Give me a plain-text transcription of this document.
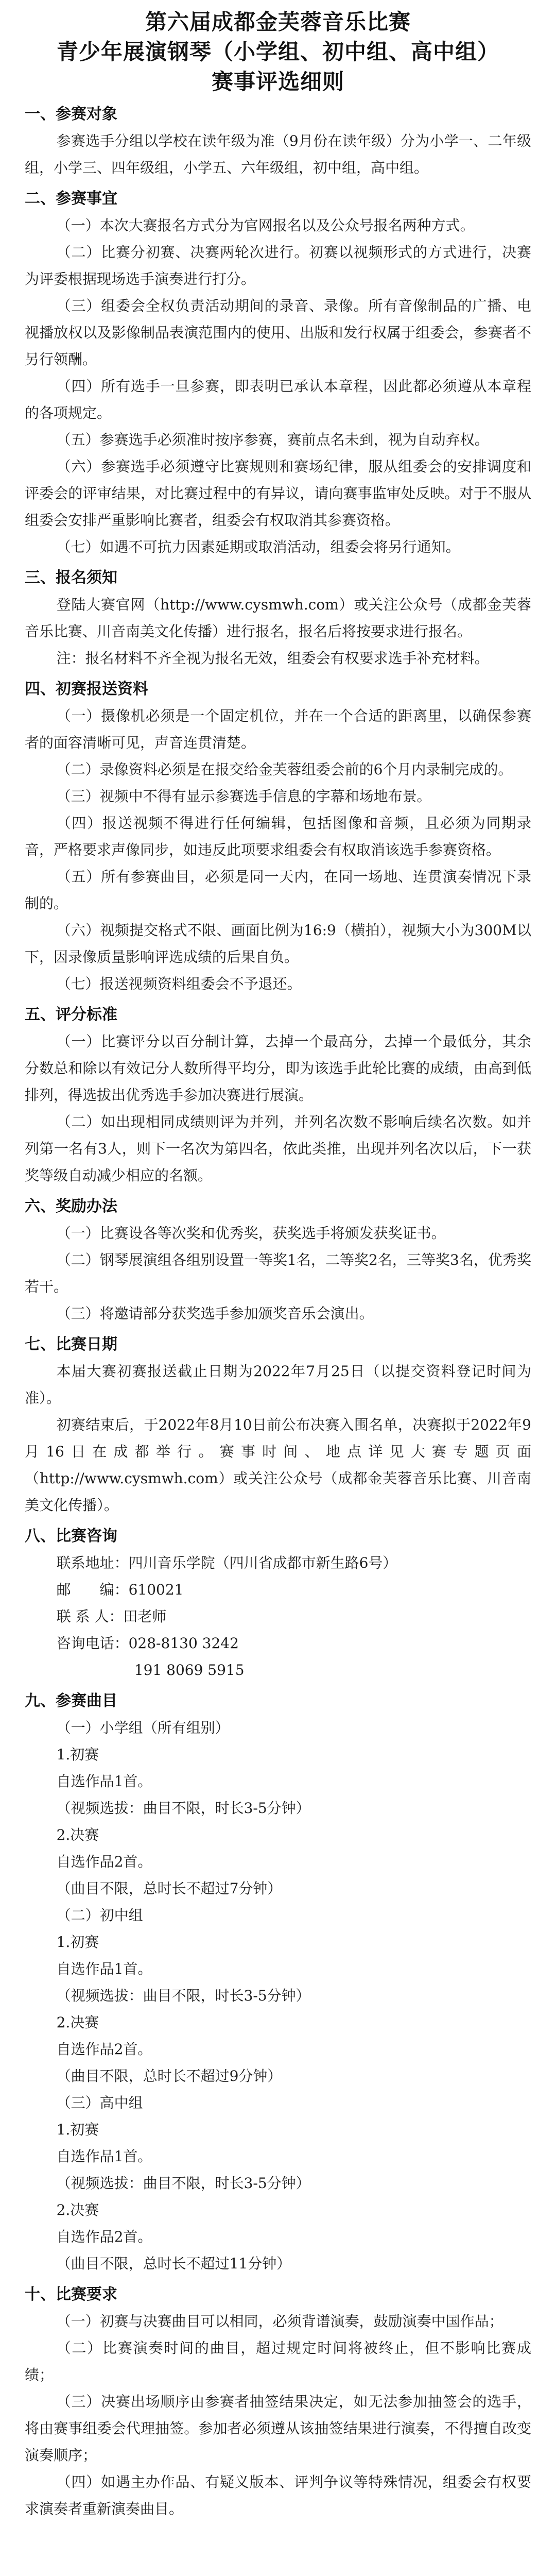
第六届成都金芙蓉音乐比赛
青少年展演钢琴（小学组、初中组、高中组）
赛事评选细则
一、参赛对象

参赛选手分组以学校在读年级为准（9月份在读年级）分为小学一、二年级组，小学三、四年级组，小学五、六年级组，初中组，高中组。

二、参赛事宜

（一）本次大赛报名方式分为官网报名以及公众号报名两种方式。

（二）比赛分初赛、决赛两轮次进行。初赛以视频形式的方式进行，决赛为评委根据现场选手演奏进行打分。

（三）组委会全权负责活动期间的录音、录像。所有音像制品的广播、电视播放权以及影像制品表演范围内的使用、出版和发行权属于组委会，参赛者不另行领酬。

（四）所有选手一旦参赛，即表明已承认本章程，因此都必须遵从本章程的各项规定。

（五）参赛选手必须准时按序参赛，赛前点名未到，视为自动弃权。

（六）参赛选手必须遵守比赛规则和赛场纪律，服从组委会的安排调度和评委会的评审结果，对比赛过程中的有异议，请向赛事监审处反映。对于不服从组委会安排严重影响比赛者，组委会有权取消其参赛资格。

（七）如遇不可抗力因素延期或取消活动，组委会将另行通知。

三、报名须知

登陆大赛官网（http://www.cysmwh.com）或关注公众号（成都金芙蓉音乐比赛、川音南美文化传播）进行报名，报名后将按要求进行报名。

注：报名材料不齐全视为报名无效，组委会有权要求选手补充材料。

四、初赛报送资料

（一）摄像机必须是一个固定机位，并在一个合适的距离里，以确保参赛者的面容清晰可见，声音连贯清楚。

（二）录像资料必须是在报交给金芙蓉组委会前的6个月内录制完成的。

（三）视频中不得有显示参赛选手信息的字幕和场地布景。

（四）报送视频不得进行任何编辑，包括图像和音频，且必须为同期录音，严格要求声像同步，如违反此项要求组委会有权取消该选手参赛资格。

（五）所有参赛曲目，必须是同一天内，在同一场地、连贯演奏情况下录制的。

（六）视频提交格式不限、画面比例为16:9（横拍），视频大小为300M以下，因录像质量影响评选成绩的后果自负。

（七）报送视频资料组委会不予退还。

五、评分标准

（一）比赛评分以百分制计算，去掉一个最高分，去掉一个最低分，其余分数总和除以有效记分人数所得平均分，即为该选手此轮比赛的成绩，由高到低排列，得选拔出优秀选手参加决赛进行展演。

（二）如出现相同成绩则评为并列，并列名次数不影响后续名次数。如并列第一名有3人，则下一名次为第四名，依此类推，出现并列名次以后，下一获奖等级自动减少相应的名额。

六、奖励办法

（一）比赛设各等次奖和优秀奖，获奖选手将颁发获奖证书。

（二）钢琴展演组各组别设置一等奖1名，二等奖2名，三等奖3名，优秀奖若干。

（三）将邀请部分获奖选手参加颁奖音乐会演出。

七、比赛日期

本届大赛初赛报送截止日期为2022年7月25日（以提交资料登记时间为准）。

初赛结束后，于2022年8月10日前公布决赛入围名单，决赛拟于2022年9月16日在成都举行。赛事时间、地点详见大赛专题页面（http://www.cysmwh.com）或关注公众号（成都金芙蓉音乐比赛、川音南美文化传播）。

八、比赛咨询

联系地址：四川音乐学院（四川省成都市新生路6号）

邮　　编：610021

联 系 人：田老师

咨询电话：028-8130 3242

191 8069 5915

九、参赛曲目

（一）小学组（所有组别）

1.初赛

自选作品1首。

（视频选拔：曲目不限，时长3-5分钟）

2.决赛

自选作品2首。

（曲目不限，总时长不超过7分钟）

（二）初中组

1.初赛

自选作品1首。

（视频选拔：曲目不限，时长3-5分钟）

2.决赛

自选作品2首。

（曲目不限，总时长不超过9分钟）

（三）高中组

1.初赛

自选作品1首。

（视频选拔：曲目不限，时长3-5分钟）

2.决赛

自选作品2首。

（曲目不限，总时长不超过11分钟）

十、比赛要求

（一）初赛与决赛曲目可以相同，必须背谱演奏，鼓励演奏中国作品；

（二）比赛演奏时间的曲目，超过规定时间将被终止，但不影响比赛成绩；

（三）决赛出场顺序由参赛者抽签结果决定，如无法参加抽签会的选手，将由赛事组委会代理抽签。参加者必须遵从该抽签结果进行演奏，不得擅自改变演奏顺序；

（四）如遇主办作品、有疑义版本、评判争议等特殊情况，组委会有权要求演奏者重新演奏曲目。
